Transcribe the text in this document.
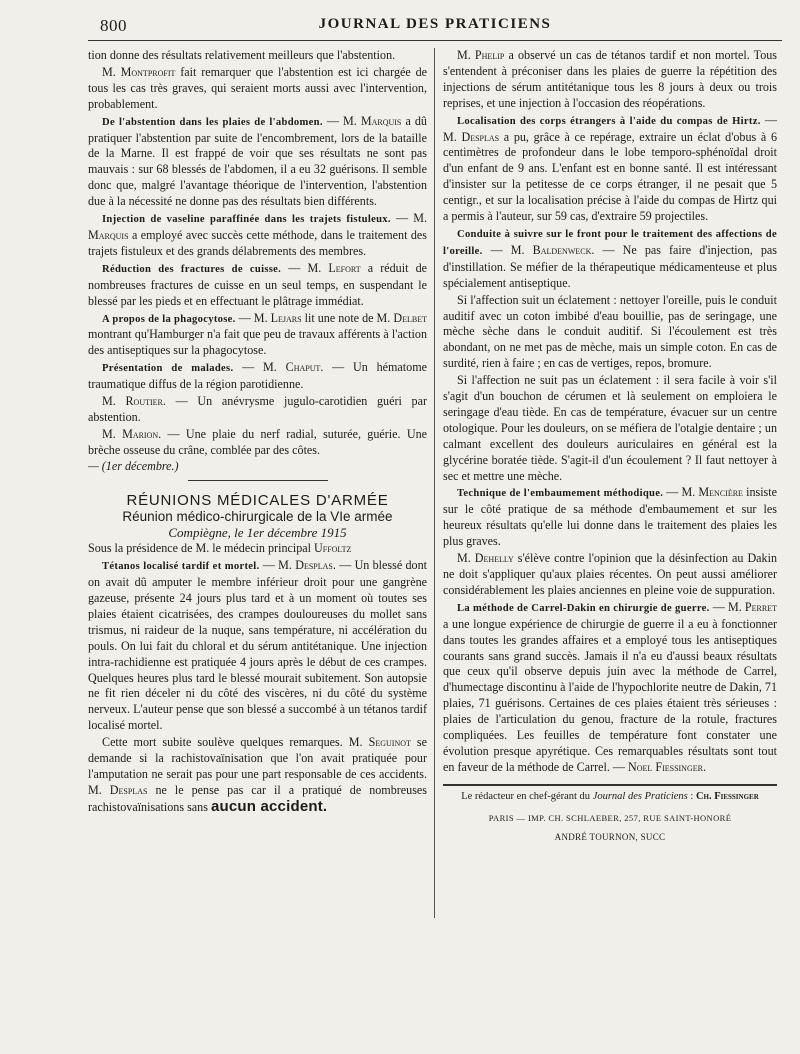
800	JOURNAL DES PRATICIENS

tion donne des résultats relativement meilleurs que l'abstention.

M. Montprofit fait remarquer que l'abstention est ici chargée de tous les cas très graves, qui seraient morts aussi avec l'intervention, probablement.

De l'abstention dans les plaies de l'abdomen. — M. Marquis a dû pratiquer l'abstention par suite de l'encombrement, lors de la bataille de la Marne. Il est frappé de voir que ses résultats ne sont pas mauvais : sur 68 blessés de l'abdomen, il a eu 32 guérisons. Il semble donc que, malgré l'avantage théorique de l'intervention, l'abstention due à la nécessité ne donne pas des résultats bien différents.

Injection de vaseline paraffinée dans les trajets fistuleux. — M. Marquis a employé avec succès cette méthode, dans le traitement des trajets fistuleux et des grands délabrements des membres.

Réduction des fractures de cuisse. — M. Lefort a réduit de nombreuses fractures de cuisse en un seul temps, en suspendant le blessé par les pieds et en effectuant le plâtrage immédiat.

A propos de la phagocytose. — M. Lejars lit une note de M. Delbet montrant qu'Hamburger n'a fait que peu de travaux afférents à l'action des antiseptiques sur la phagocytose.

Présentation de malades. — M. Chaput. — Un hématome traumatique diffus de la région parotidienne.

M. Routier. — Un anévrysme jugulo-carotidien guéri par abstention.

M. Marion. — Une plaie du nerf radial, suturée, guérie. Une brèche osseuse du crâne, comblée par des côtes.
— (1er décembre.)

RÉUNIONS MÉDICALES D'ARMÉE

Réunion médico-chirurgicale de la VIe armée

Compiègne, le 1er décembre 1915

Sous la présidence de M. le médecin principal Uffoltz

Tétanos localisé tardif et mortel. — M. Desplas. — Un blessé dont on avait dû amputer le membre inférieur droit pour une gangrène gazeuse, présente 24 jours plus tard et à un moment où toutes ses plaies étaient cicatrisées, des crampes douloureuses du mollet sans trismus, ni raideur de la nuque, sans température, ni accélération du pouls. On lui fait du chloral et du sérum antitétanique. Une injection intra-rachidienne est pratiquée 4 jours après le début de ces crampes. Quelques heures plus tard le blessé mourait subitement. Son autopsie ne fit rien déceler ni du côté des viscères, ni du côté du système nerveux. L'auteur pense que son blessé a succombé à un tétanos tardif localisé mortel.

Cette mort subite soulève quelques remarques. M. Seguinot se demande si la rachistovaïnisation que l'on avait pratiquée pour l'amputation ne serait pas pour une part responsable de ces accidents. M. Desplas ne le pense pas car il a pratiqué de nombreuses rachistovaïnisations sans aucun accident.

M. Phelip a observé un cas de tétanos tardif et non mortel. Tous s'entendent à préconiser dans les plaies de guerre la répétition des injections de sérum antitétanique tous les 8 jours à deux ou trois reprises, et une injection à l'occasion des réopérations.

Localisation des corps étrangers à l'aide du compas de Hirtz. — M. Desplas a pu, grâce à ce repérage, extraire un éclat d'obus à 6 centimètres de profondeur dans le lobe temporo-sphénoïdal droit d'un enfant de 9 ans. L'enfant est en bonne santé. Il est intéressant d'insister sur la petitesse de ce corps étranger, il ne pesait que 5 centigr., et sur la localisation précise à l'aide du compas de Hirtz qui a permis à l'auteur, sur 59 cas, d'extraire 59 projectiles.

Conduite à suivre sur le front pour le traitement des affections de l'oreille. — M. Baldenweck. — Ne pas faire d'injection, pas d'instillation. Se méfier de la thérapeutique médicamenteuse et plus spécialement antiseptique.

Si l'affection suit un éclatement : nettoyer l'oreille, puis le conduit auditif avec un coton imbibé d'eau bouillie, pas de seringage, une mèche sèche dans le conduit auditif. Si l'écoulement est très abondant, on ne met pas de mèche, mais un simple coton. En cas de surdité, rien à faire ; en cas de vertiges, repos, bromure.

Si l'affection ne suit pas un éclatement : il sera facile à voir s'il s'agit d'un bouchon de cérumen et là seulement on emploiera le seringage d'eau tiède. En cas de température, évacuer sur un centre otologique. Pour les douleurs, on se méfiera de l'otalgie dentaire ; un calmant excellent des douleurs auriculaires en général est la glycérine boratée tiède. S'agit-il d'un écoulement ? Il faut nettoyer à sec et mettre une mèche.

Technique de l'embaumement méthodique. — M. Mencière insiste sur le côté pratique de sa méthode d'embaumement et sur les heureux résultats qu'elle lui donne dans le traitement des plaies les plus graves.

M. Dehelly s'élève contre l'opinion que la désinfection au Dakin ne doit s'appliquer qu'aux plaies récentes. On peut aussi améliorer considérablement les plaies anciennes en pleine voie de suppuration.

La méthode de Carrel-Dakin en chirurgie de guerre. — M. Perret a une longue expérience de chirurgie de guerre il a eu à fonctionner dans toutes les grandes affaires et a employé tous les antiseptiques courants sans grand succès. Jamais il n'a eu d'aussi beaux résultats que ceux qu'il observe depuis juin avec la méthode de Carrel, d'humectage discontinu à l'aide de l'hypochlorite neutre de Dakin, 71 plaies, 71 guérisons. Certaines de ces plaies étaient très sérieuses : plaies de l'articulation du genou, fracture de la rotule, fractures compliquées. Les feuilles de température font constater une évolution presque apyrétique. Ces remarquables résultats sont tout en faveur de la méthode de Carrel. — Noel Fiessinger.

Le rédacteur en chef-gérant du Journal des Praticiens : Ch. Fiessinger

PARIS — IMP. CH. SCHLAEBER, 257, RUE SAINT-HONORÉ

ANDRÉ TOURNON, SUCC
